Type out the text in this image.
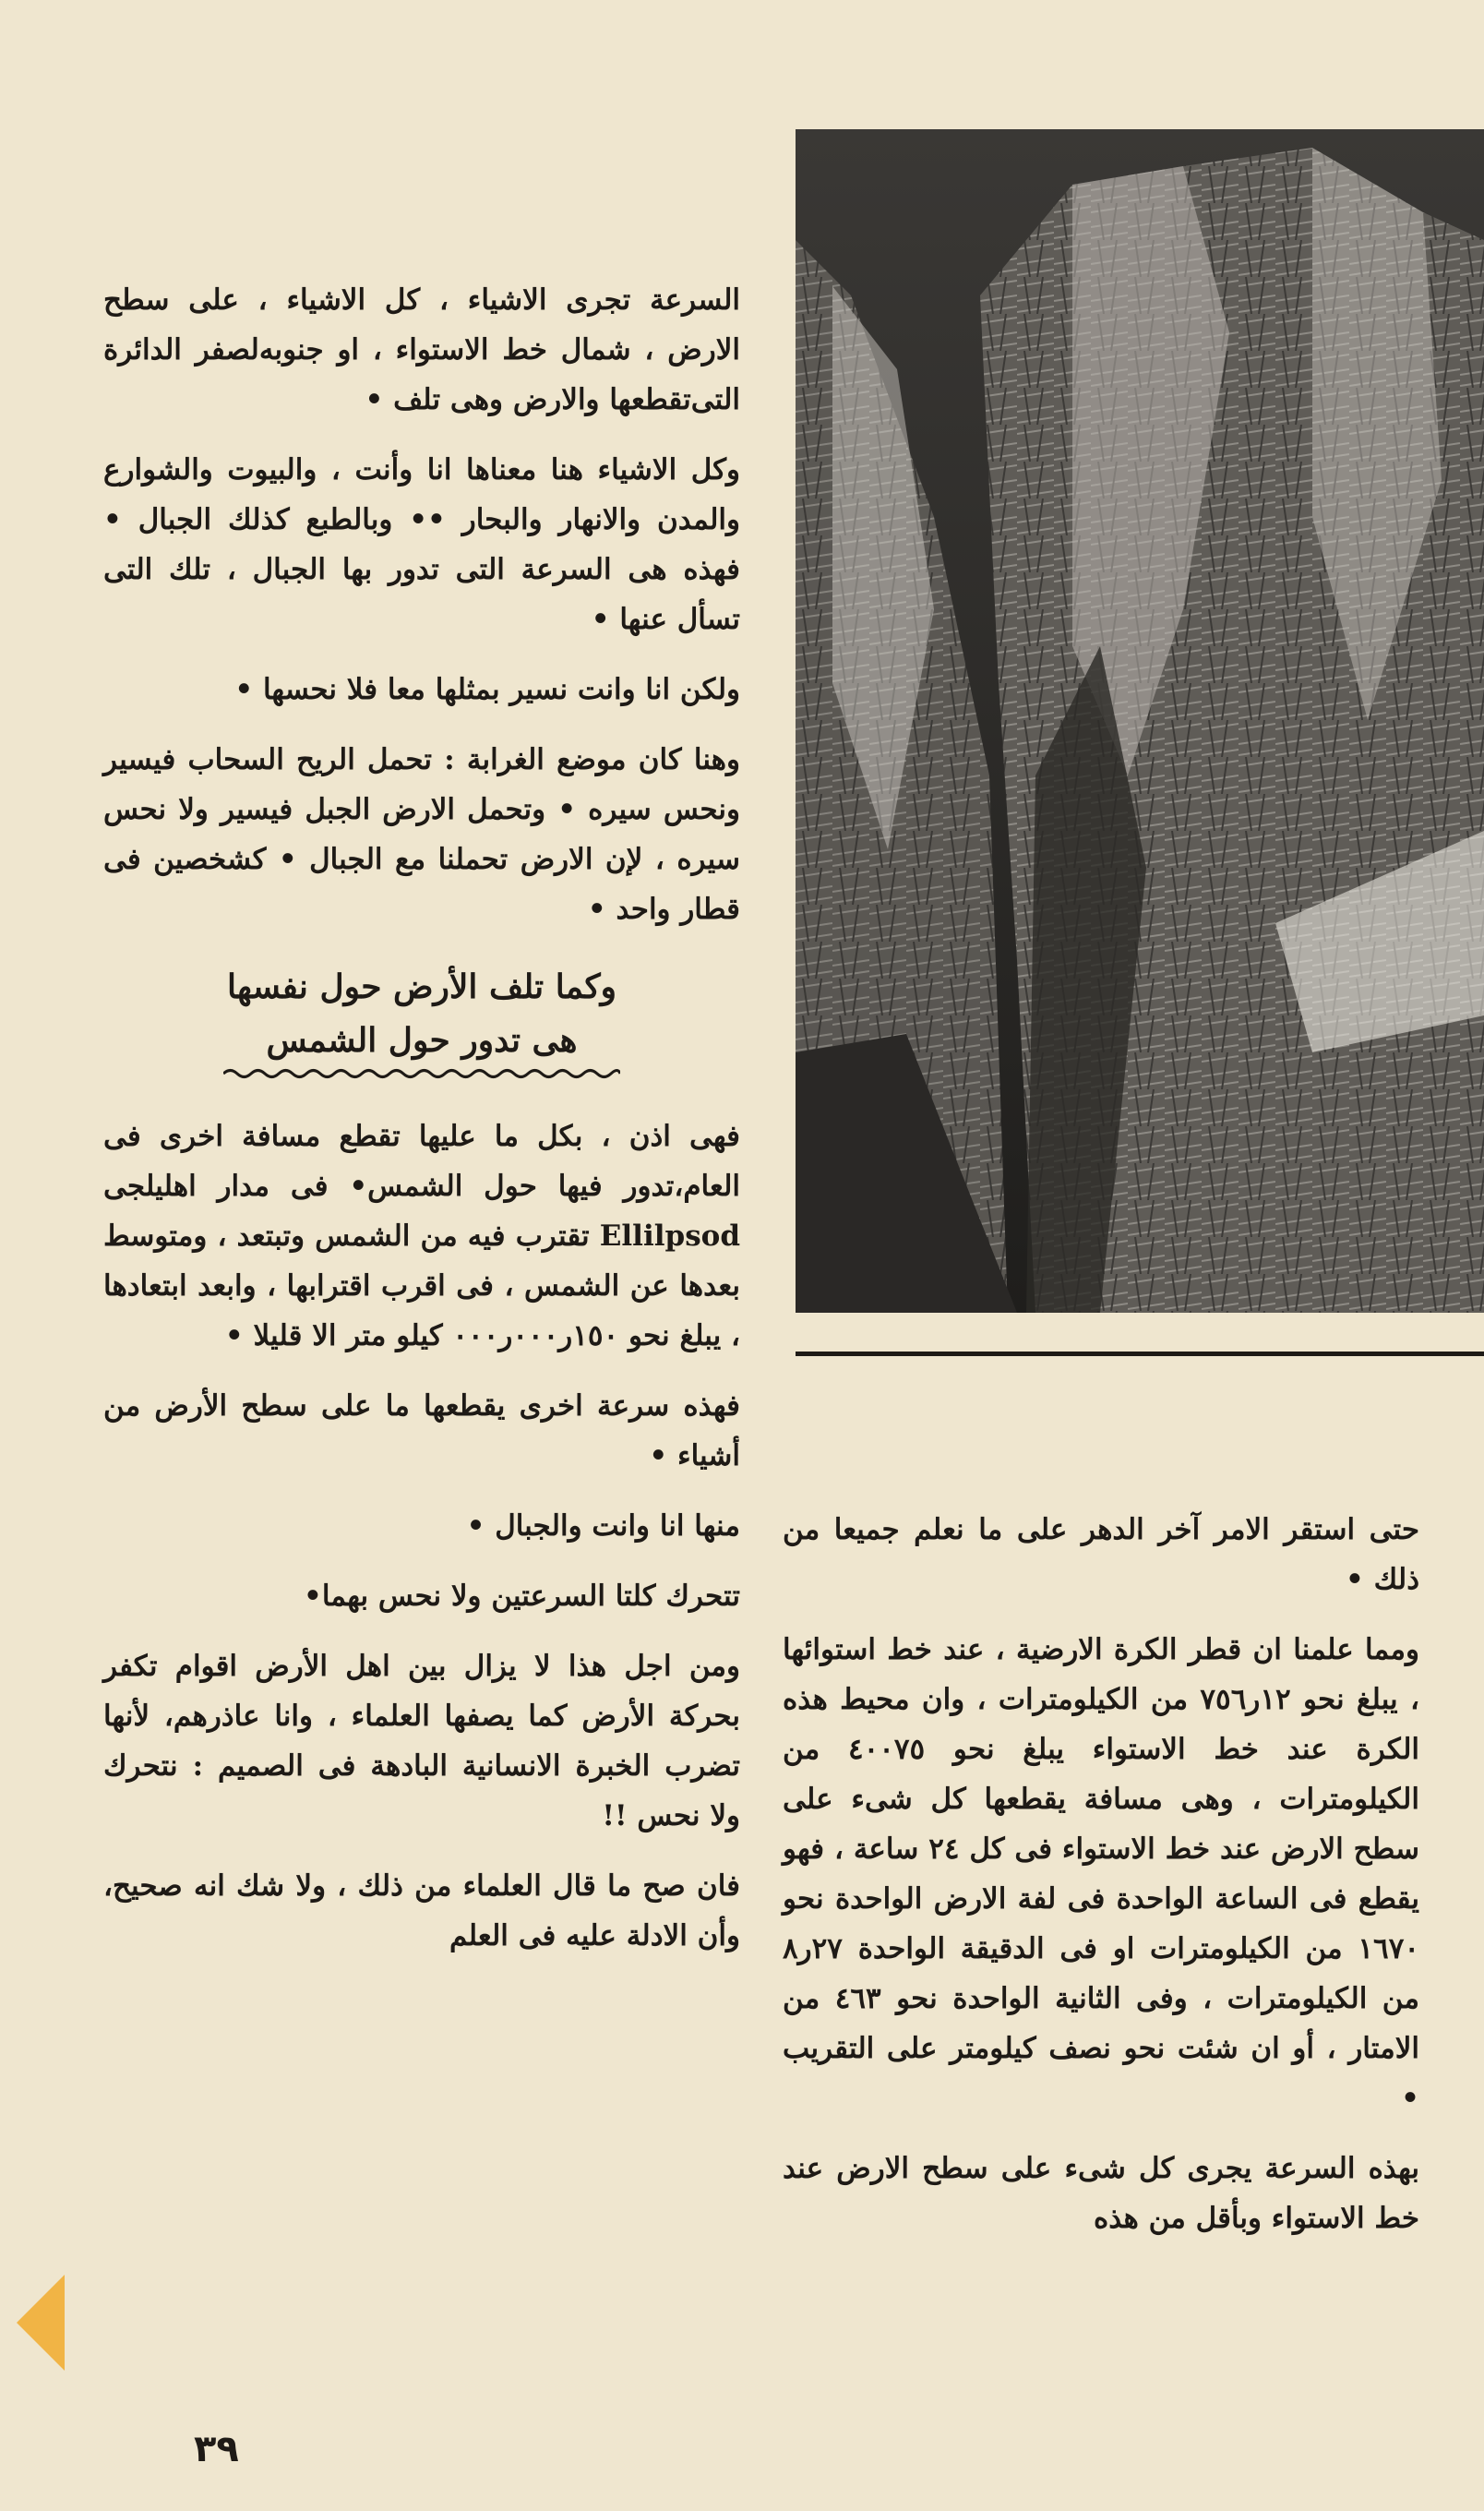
السرعة تجرى الاشياء ، كل الاشياء ، على سطح الارض ، شمال خط الاستواء ، او جنوبه‌لصفر الدائرة التى‌تقطعها والارض وهى تلف •

وكل الاشياء هنا معناها انا وأنت ، والبيوت والشوارع والمدن والانهار والبحار •• وبالطبع كذلك الجبال • فهذه هى السرعة التى تدور بها الجبال ، تلك التى تسأل عنها •

ولكن انا وانت نسير بمثلها معا فلا نحسها •

وهنا كان موضع الغرابة : تحمل الريح السحاب فيسير ونحس سيره • وتحمل الارض الجبل فيسير ولا نحس سيره ، لإن الارض تحملنا مع الجبال • كشخصين فى قطار واحد •

وكما تلف الأرض حول نفسها
هى تدور حول الشمس

فهى اذن ، بكل ما عليها تقطع مسافة اخرى فى العام،تدور فيها حول الشمس• فى مدار اهليلجى Ellilpsod تقترب فيه من الشمس وتبتعد ، ومتوسط بعدها عن الشمس ، فى اقرب اقترابها ، وابعد ابتعادها ، يبلغ نحو ١٥٠ر٠٠٠ر٠٠٠ كيلو متر الا قليلا •

فهذه سرعة اخرى يقطعها ما على سطح الأرض من أشياء •

منها انا وانت والجبال •

تتحرك كلتا السرعتين ولا نحس بهما•

ومن اجل هذا لا يزال بين اهل الأرض اقوام تكفر بحركة الأرض كما يصفها العلماء ، وانا عاذرهم، لأنها تضرب الخبرة الانسانية البادهة فى الصميم : نتحرك ولا نحس !!

فان صح ما قال العلماء من ذلك ، ولا شك انه صحيح، وأن الادلة عليه فى العلم

حتى استقر الامر آخر الدهر على ما نعلم جميعا من ذلك •

ومما علمنا ان قطر الكرة الارضية ، عند خط استوائها ، يبلغ نحو ١٢ر٧٥٦ من الكيلومترات ، وان محيط هذه الكرة عند خط الاستواء يبلغ نحو ٤٠٠٧٥ من الكيلومترات ، وهى مسافة يقطعها كل شىء على سطح الارض عند خط الاستواء فى كل ٢٤ ساعة ، فهو يقطع فى الساعة الواحدة فى لفة الارض الواحدة نحو ١٦٧٠ من الكيلومترات او فى الدقيقة الواحدة ٢٧ر٨ من الكيلومترات ، وفى الثانية الواحدة نحو ٤٦٣ من الامتار ، أو ان شئت نحو نصف كيلومتر على التقريب •

بهذه السرعة يجرى كل شىء على سطح الارض عند خط الاستواء وبأقل من هذه

٣٩
